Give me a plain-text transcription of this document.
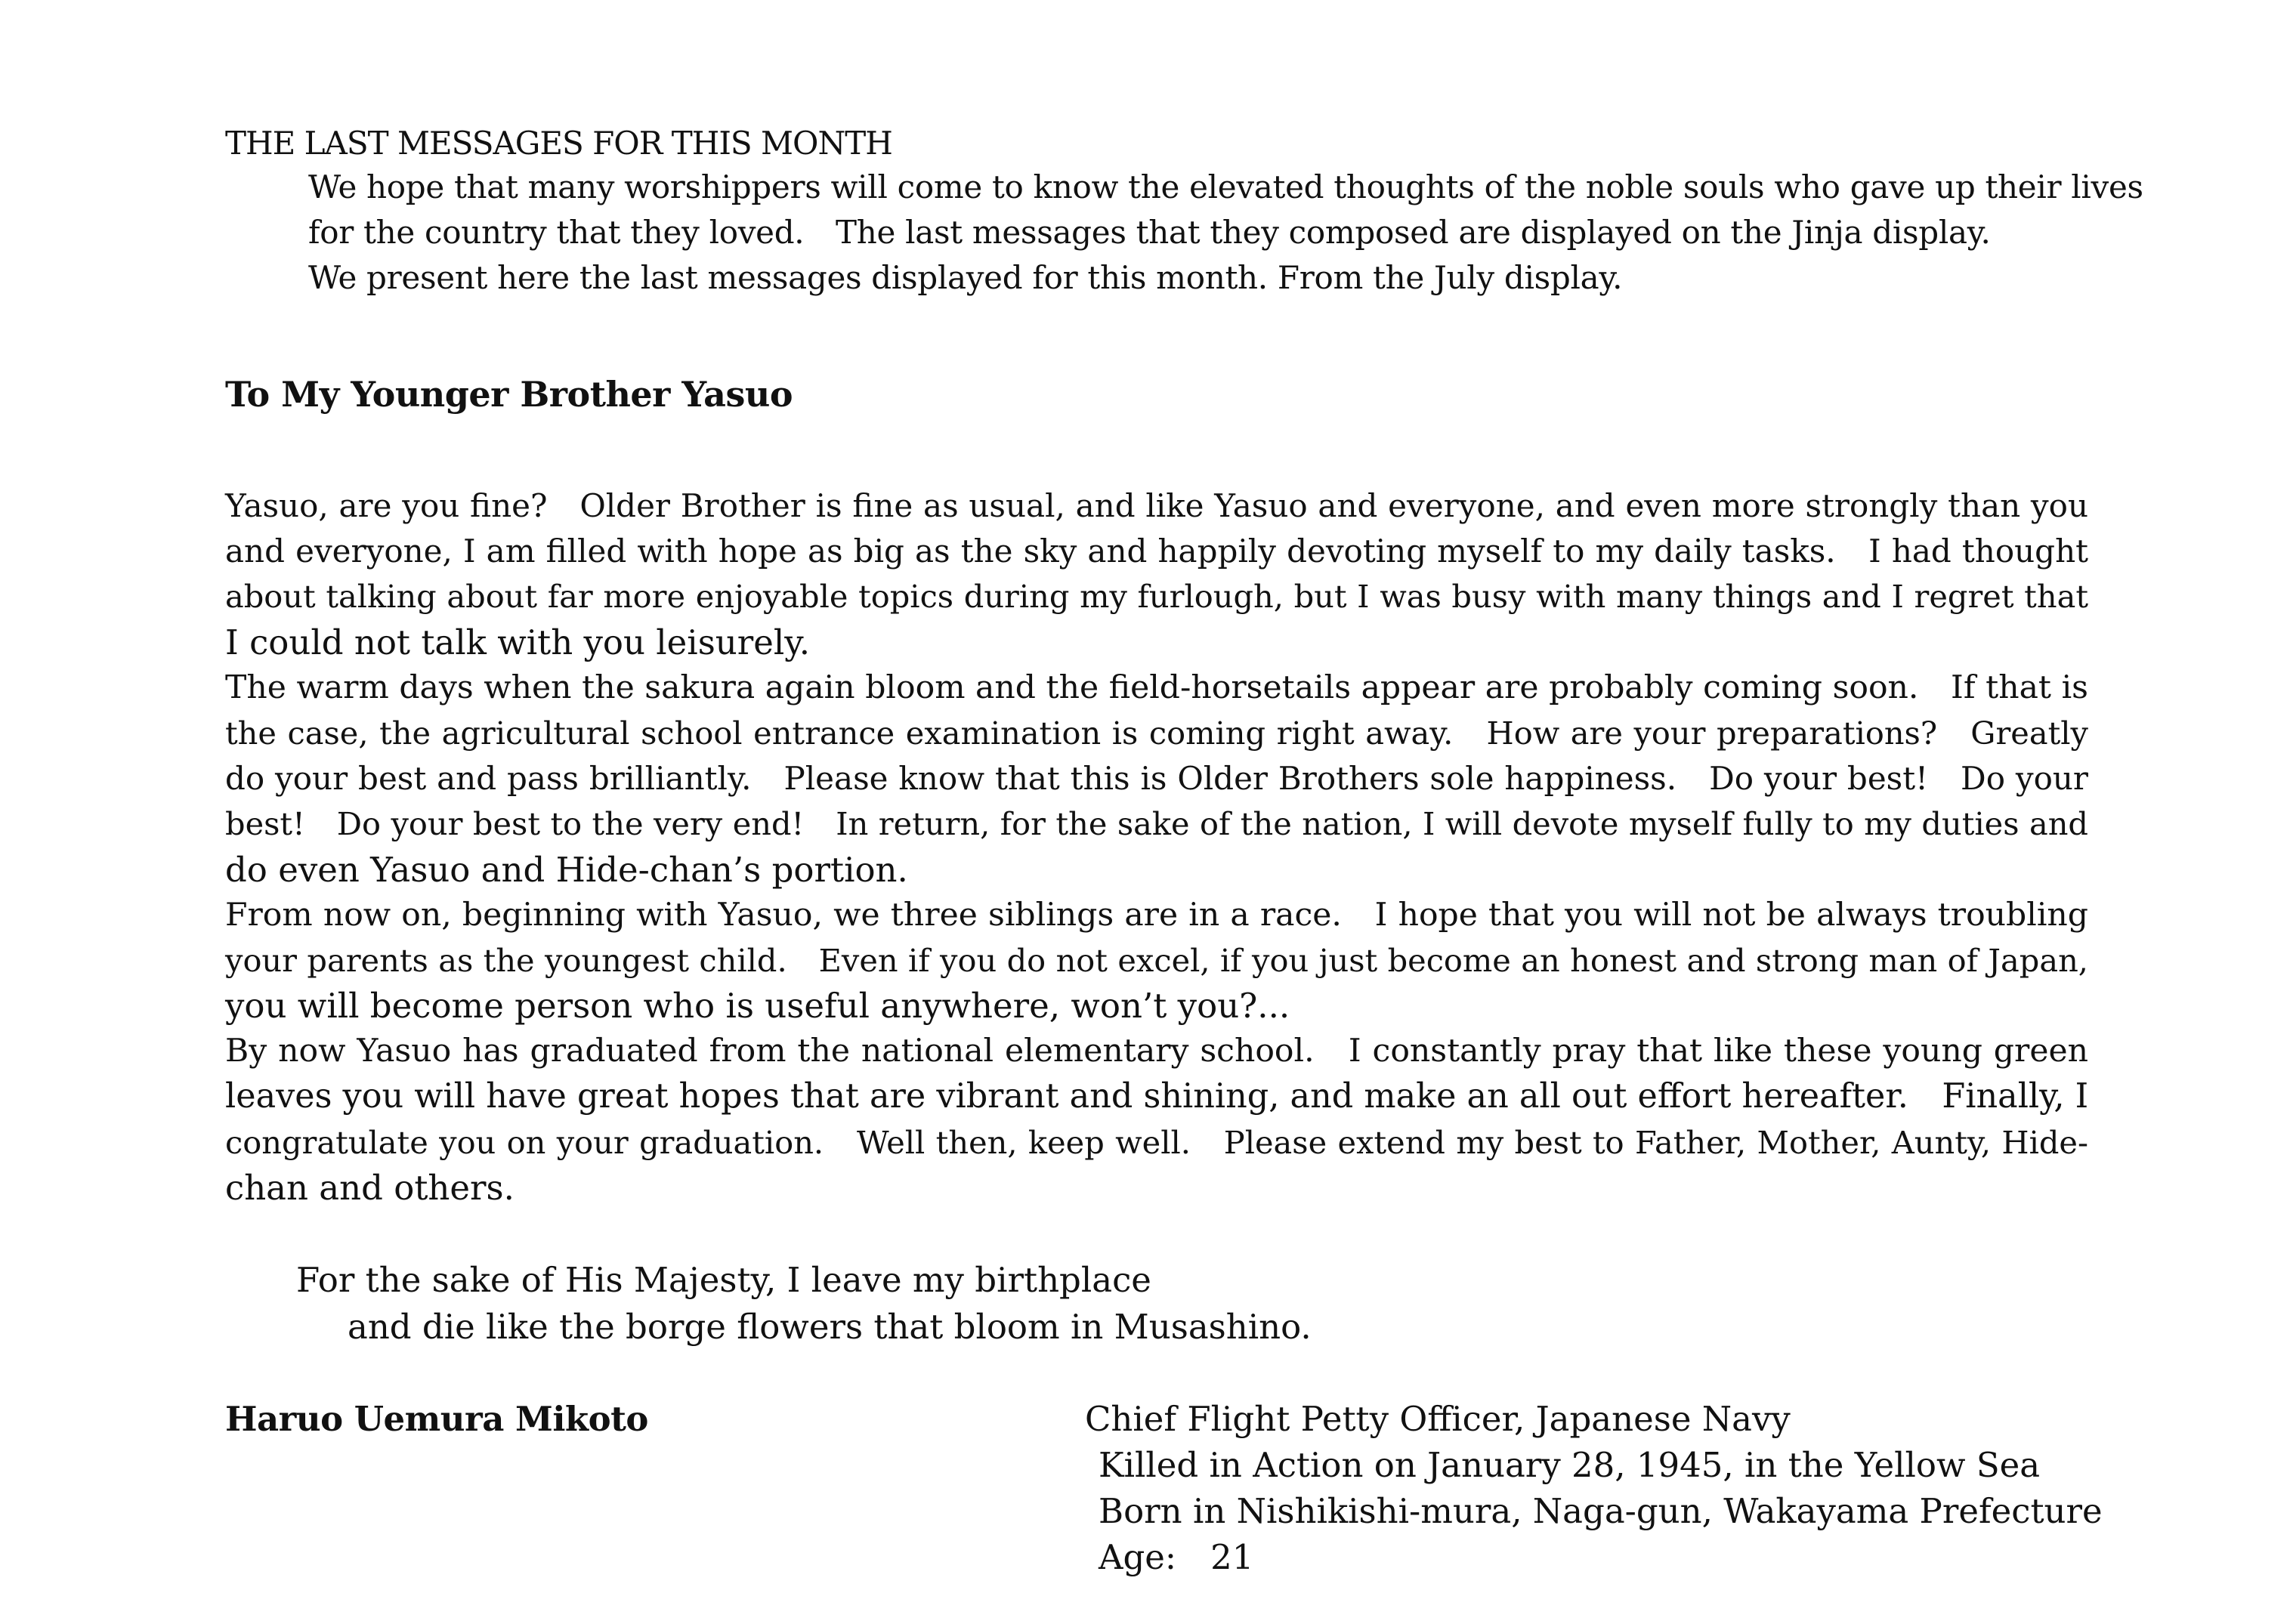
THE LAST MESSAGES FOR THIS MONTH
We hope that many worshippers will come to know the elevated thoughts of the noble souls who gave up their lives
for the country that they loved.　The last messages that they composed are displayed on the Jinja display.
We present here the last messages displayed for this month. From the July display.
To My Younger Brother Yasuo
Yasuo, are you fine?　Older Brother is fine as usual, and like Yasuo and everyone, and even more strongly than you
and everyone, I am filled with hope as big as the sky and happily devoting myself to my daily tasks.　I had thought
about talking about far more enjoyable topics during my furlough, but I was busy with many things and I regret that
I could not talk with you leisurely.
The warm days when the sakura again bloom and the field-horsetails appear are probably coming soon.　If that is
the case, the agricultural school entrance examination is coming right away.　How are your preparations?　Greatly
do your best and pass brilliantly.　Please know that this is Older Brothers sole happiness.　Do your best!　Do your
best!　Do your best to the very end!　In return, for the sake of the nation, I will devote myself fully to my duties and
do even Yasuo and Hide-chan’s portion.
From now on, beginning with Yasuo, we three siblings are in a race.　I hope that you will not be always troubling
your parents as the youngest child.　Even if you do not excel, if you just become an honest and strong man of Japan,
you will become person who is useful anywhere, won’t you?...
By now Yasuo has graduated from the national elementary school.　I constantly pray that like these young green
leaves you will have great hopes that are vibrant and shining, and make an all out effort hereafter.　Finally, I
congratulate you on your graduation.　Well then, keep well.　Please extend my best to Father, Mother, Aunty, Hide-
chan and others.
For the sake of His Majesty, I leave my birthplace
and die like the borge flowers that bloom in Musashino.
Haruo Uemura Mikoto	Chief Flight Petty Officer, Japanese Navy
Killed in Action on January 28, 1945, in the Yellow Sea
Born in Nishikishi-mura, Naga-gun, Wakayama Prefecture
Age:　21
